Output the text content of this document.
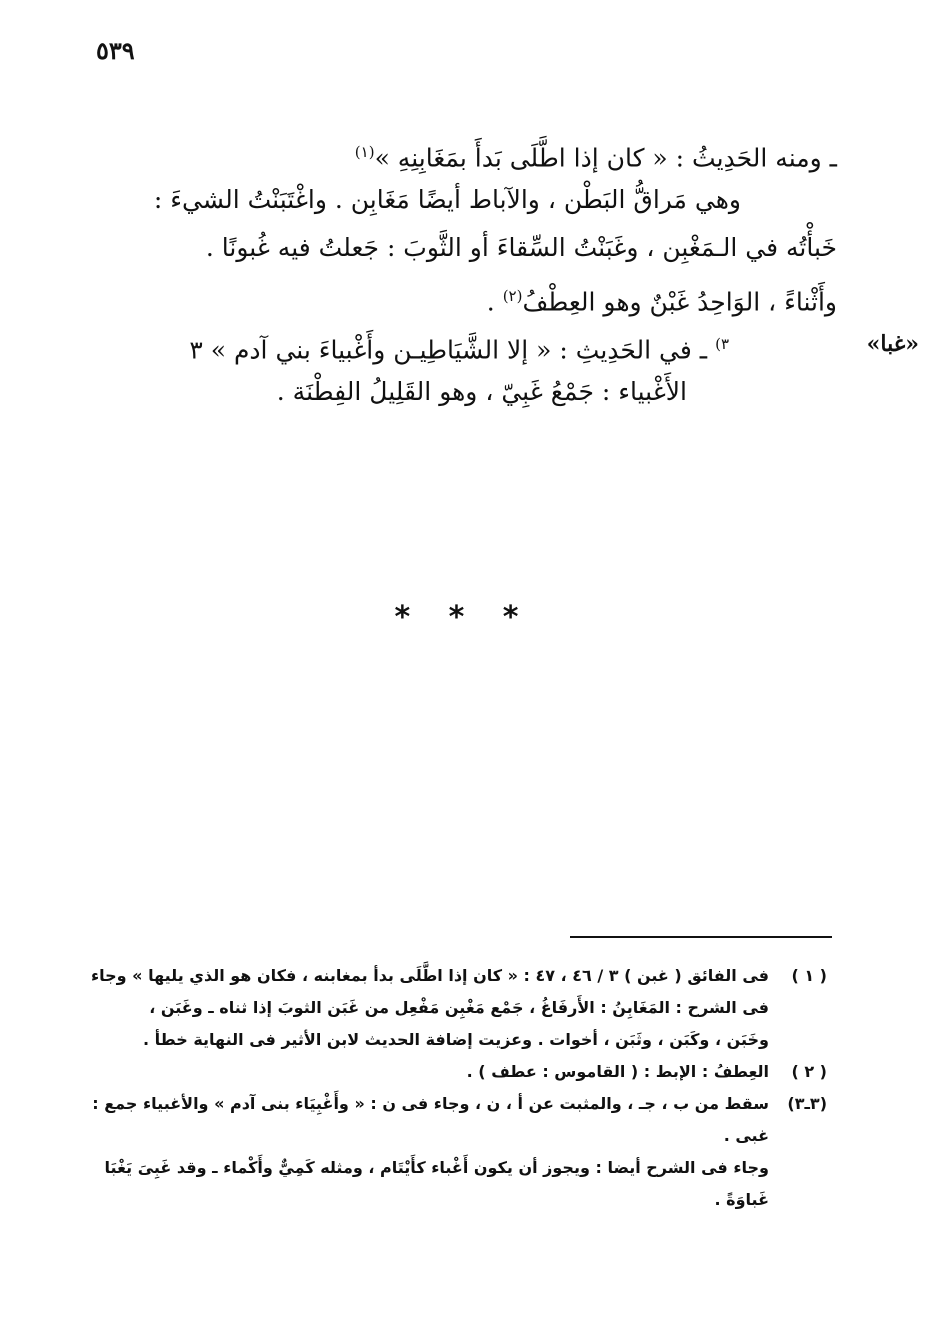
٥٣٩
ـ ومنه الحَدِيثُ : « كان إذا اطَّلَى بَدأَ بمَغَابِنِهِ »$^{(١)}$
وهي مَراقُّ البَطْن ، والآباط أيضًا مَغَابِن . واغْتَبَنْتُ الشيءَ :
خَبأْتُه في الـمَغْبِن ، وغَبَنْتُ السِّقاءَ أو الثَّوبَ : جَعلتُ فيه غُبونًا .
وأَثْناءً ، الوَاحِدُ غَبْنٌ وهو العِطْفُ$^{(٢)}$ .
$^{٣)}$ ـ في الحَدِيثِ : « إلا الشَّيَاطِيـن وأَغْبياءَ بني آدم » ٣
الأَغْبياء : جَمْعُ غَبِيّ ، وهو القَلِيلُ الفِطْنَة .
«غبا»
* * *
( ١ )
فى الفائق ( غبن ) ٣ / ٤٦ ، ٤٧ : « كان إذا اطَّلَى بدأ بمغابنه ، فكان هو الذي يليها » وجاء
فى الشرح : المَغَابِنُ : الأَرفَاغُ ، جَمْع مَغْبِن مَفْعِل من غَبَن الثوبَ إذا ثناه ـ وغَبَن ،
وخَبَن ، وكَبَن ، وثَبَن ، أخوات . وعزيت إضافة الحديث لابن الأثير فى النهاية خطأ .
( ٢ )
العِطفُ : الإبط : ( القاموس : عطف ) .
(٣ـ٣)
سقط من ب ، جـ ، والمثبت عن أ ، ن ، وجاء فى ن : « وأَغْبِيَاء بنى آدم » والأغبياء جمع :
غبى .
وجاء فى الشرح أيضا : ويجوز أن يكون أَغْباء كأَيْتَام ، ومثله كَمِيٌّ وأَكْماء ـ وقد غَبِىَ يَغْبَا
غَباوَةً .
